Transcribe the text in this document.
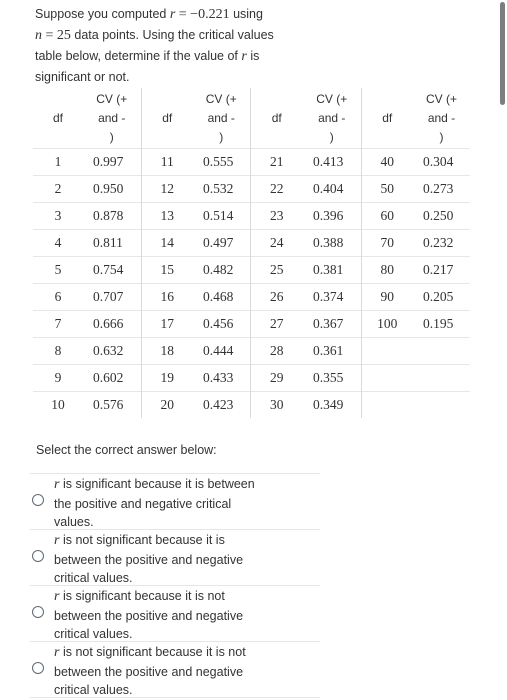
Suppose you computed r = −0.221 using
n = 25 data points. Using the critical values
table below, determine if the value of r is
significant or not.
df	CV (+
and -
)	df	CV (+
and -
)	df	CV (+
and -
)	df	CV (+
and -
)
1	0.997	11	0.555	21	0.413	40	0.304
2	0.950	12	0.532	22	0.404	50	0.273
3	0.878	13	0.514	23	0.396	60	0.250
4	0.811	14	0.497	24	0.388	70	0.232
5	0.754	15	0.482	25	0.381	80	0.217
6	0.707	16	0.468	26	0.374	90	0.205
7	0.666	17	0.456	27	0.367	100	0.195
8	0.632	18	0.444	28	0.361		
9	0.602	19	0.433	29	0.355		
10	0.576	20	0.423	30	0.349		
Select the correct answer below:
r is significant because it is between
the positive and negative critical
values.
r is not significant because it is
between the positive and negative
critical values.
r is significant because it is not
between the positive and negative
critical values.
r is not significant because it is not
between the positive and negative
critical values.
